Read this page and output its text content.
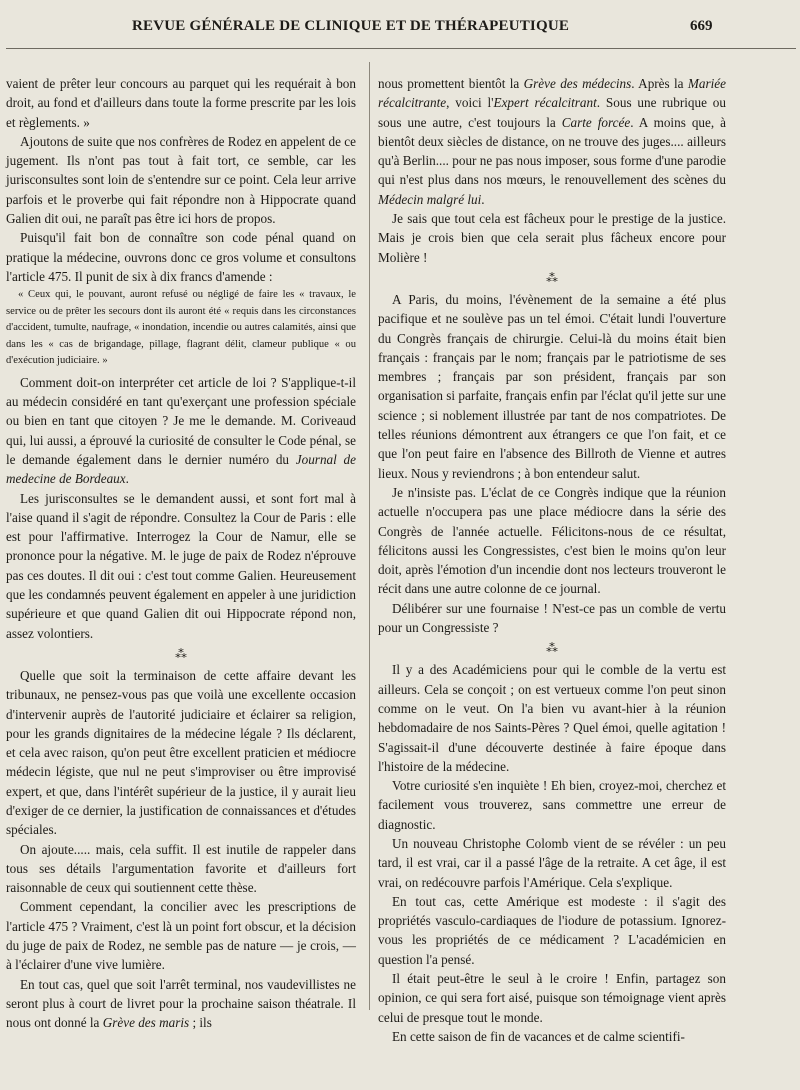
REVUE GÉNÉRALE DE CLINIQUE ET DE THÉRAPEUTIQUE	669

vaient de prêter leur concours au parquet qui les requérait à bon droit, au fond et d'ailleurs dans toute la forme prescrite par les lois et règlements. »

Ajoutons de suite que nos confrères de Rodez en appelent de ce jugement. Ils n'ont pas tout à fait tort, ce semble, car les jurisconsultes sont loin de s'entendre sur ce point. Cela leur arrive parfois et le proverbe qui fait répondre non à Hippocrate quand Galien dit oui, ne paraît pas être ici hors de propos.

Puisqu'il fait bon de connaître son code pénal quand on pratique la médecine, ouvrons donc ce gros volume et consultons l'article 475. Il punit de six à dix francs d'amende :

« Ceux qui, le pouvant, auront refusé ou négligé de faire les « travaux, le service ou de prêter les secours dont ils auront été « requis dans les circonstances d'accident, tumulte, naufrage, « inondation, incendie ou autres calamités, ainsi que dans les « cas de brigandage, pillage, flagrant délit, clameur publique « ou d'exécution judiciaire. »

Comment doit-on interpréter cet article de loi ? S'applique-t-il au médecin considéré en tant qu'exerçant une profession spéciale ou bien en tant que citoyen ? Je me le demande. M. Coriveaud qui, lui aussi, a éprouvé la curiosité de consulter le Code pénal, se le demande également dans le dernier numéro du Journal de medecine de Bordeaux.

Les jurisconsultes se le demandent aussi, et sont fort mal à l'aise quand il s'agit de répondre. Consultez la Cour de Paris : elle est pour l'affirmative. Interrogez la Cour de Namur, elle se prononce pour la négative. M. le juge de paix de Rodez n'éprouve pas ces doutes. Il dit oui : c'est tout comme Galien. Heureusement que les condamnés peuvent également en appeler à une juridiction supérieure et que quand Galien dit oui Hippocrate répond non, assez volontiers.

⁂

Quelle que soit la terminaison de cette affaire devant les tribunaux, ne pensez-vous pas que voilà une excellente occasion d'intervenir auprès de l'autorité judiciaire et éclairer sa religion, pour les grands dignitaires de la médecine légale ? Ils déclarent, et cela avec raison, qu'on peut être excellent praticien et médiocre médecin légiste, que nul ne peut s'improviser ou être improvisé expert, et que, dans l'intérêt supérieur de la justice, il y aurait lieu d'exiger de ce dernier, la justification de connaissances et d'études spéciales.

On ajoute..... mais, cela suffit. Il est inutile de rappeler dans tous ses détails l'argumentation favorite et d'ailleurs fort raisonnable de ceux qui soutiennent cette thèse.

Comment cependant, la concilier avec les prescriptions de l'article 475 ? Vraiment, c'est là un point fort obscur, et la décision du juge de paix de Rodez, ne semble pas de nature — je crois, — à l'éclairer d'une vive lumière.

En tout cas, quel que soit l'arrêt terminal, nos vaudevillistes ne seront plus à court de livret pour la prochaine saison théatrale. Il nous ont donné la Grève des maris ; ils

nous promettent bientôt la Grève des médecins. Après la Mariée récalcitrante, voici l'Expert récalcitrant. Sous une rubrique ou sous une autre, c'est toujours la Carte forcée. A moins que, à bientôt deux siècles de distance, on ne trouve des juges.... ailleurs qu'à Berlin.... pour ne pas nous imposer, sous forme d'une parodie qui n'est plus dans nos mœurs, le renouvellement des scènes du Médecin malgré lui.

Je sais que tout cela est fâcheux pour le prestige de la justice. Mais je crois bien que cela serait plus fâcheux encore pour Molière !

⁂

A Paris, du moins, l'évènement de la semaine a été plus pacifique et ne soulève pas un tel émoi. C'était lundi l'ouverture du Congrès français de chirurgie. Celui-là du moins était bien français : français par le nom; français par le patriotisme de ses membres ; français par son président, français par son organisation si parfaite, français enfin par l'éclat qu'il jette sur une science ; si noblement illustrée par tant de nos compatriotes. De telles réunions démontrent aux étrangers ce que l'on fait, et ce que l'on peut faire en l'absence des Billroth de Vienne et autres lieux. Nous y reviendrons ; à bon entendeur salut.

Je n'insiste pas. L'éclat de ce Congrès indique que la réunion actuelle n'occupera pas une place médiocre dans la série des Congrès de l'année actuelle. Félicitons-nous de ce résultat, félicitons aussi les Congressistes, c'est bien le moins qu'on leur doit, après l'émotion d'un incendie dont nos lecteurs trouveront le récit dans une autre colonne de ce journal.

Délibérer sur une fournaise ! N'est-ce pas un comble de vertu pour un Congressiste ?

⁂

Il y a des Académiciens pour qui le comble de la vertu est ailleurs. Cela se conçoit ; on est vertueux comme l'on peut sinon comme on le veut. On l'a bien vu avant-hier à la réunion hebdomadaire de nos Saints-Pères ? Quel émoi, quelle agitation ! S'agissait-il d'une découverte destinée à faire époque dans l'histoire de la médecine.

Votre curiosité s'en inquiète ! Eh bien, croyez-moi, cherchez et facilement vous trouverez, sans commettre une erreur de diagnostic.

Un nouveau Christophe Colomb vient de se révéler : un peu tard, il est vrai, car il a passé l'âge de la retraite. A cet âge, il est vrai, on redécouvre parfois l'Amérique. Cela s'explique.

En tout cas, cette Amérique est modeste : il s'agit des propriétés vasculo-cardiaques de l'iodure de potassium. Ignorez-vous les propriétés de ce médicament ? L'académicien en question l'a pensé.

Il était peut-être le seul à le croire ! Enfin, partagez son opinion, ce qui sera fort aisé, puisque son témoignage vient après celui de presque tout le monde.

En cette saison de fin de vacances et de calme scientifi-
